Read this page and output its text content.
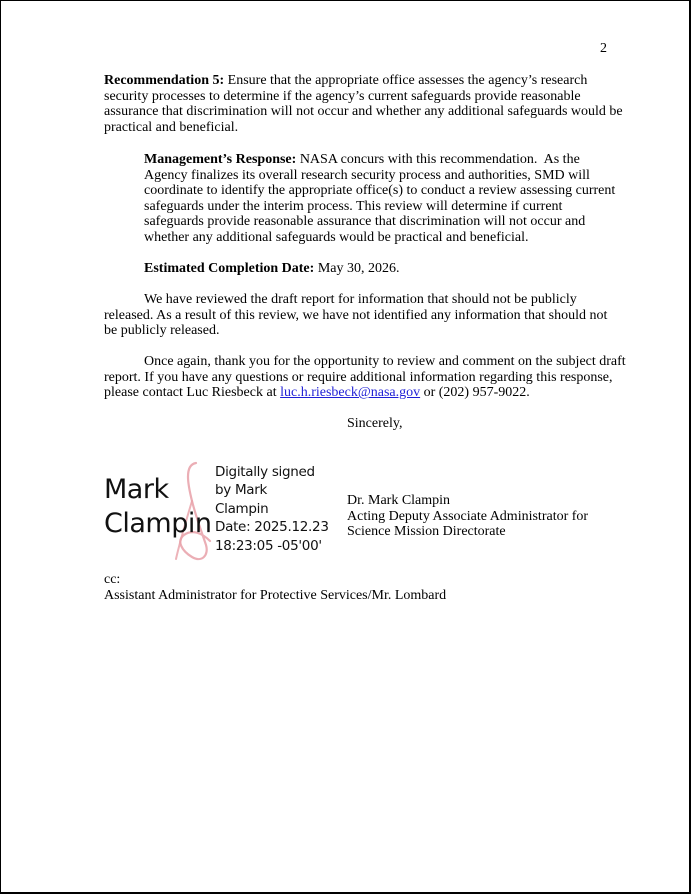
2
Recommendation 5: Ensure that the appropriate office assesses the agency’s research
security processes to determine if the agency’s current safeguards provide reasonable
assurance that discrimination will not occur and whether any additional safeguards would be
practical and beneficial.
Management’s Response: NASA concurs with this recommendation.  As the
Agency finalizes its overall research security process and authorities, SMD will
coordinate to identify the appropriate office(s) to conduct a review assessing current
safeguards under the interim process. This review will determine if current
safeguards provide reasonable assurance that discrimination will not occur and
whether any additional safeguards would be practical and beneficial.
Estimated Completion Date: May 30, 2026.
We have reviewed the draft report for information that should not be publicly
released. As a result of this review, we have not identified any information that should not
be publicly released.
Once again, thank you for the opportunity to review and comment on the subject draft
report. If you have any questions or require additional information regarding this response,
please contact Luc Riesbeck at luc.h.riesbeck@nasa.gov or (202) 957-9022.
Sincerely,
Mark
Clampin
Digitally signed
by Mark
Clampin
Date: 2025.12.23
18:23:05 -05'00'
Dr. Mark Clampin
Acting Deputy Associate Administrator for
Science Mission Directorate
cc:
Assistant Administrator for Protective Services/Mr. Lombard
